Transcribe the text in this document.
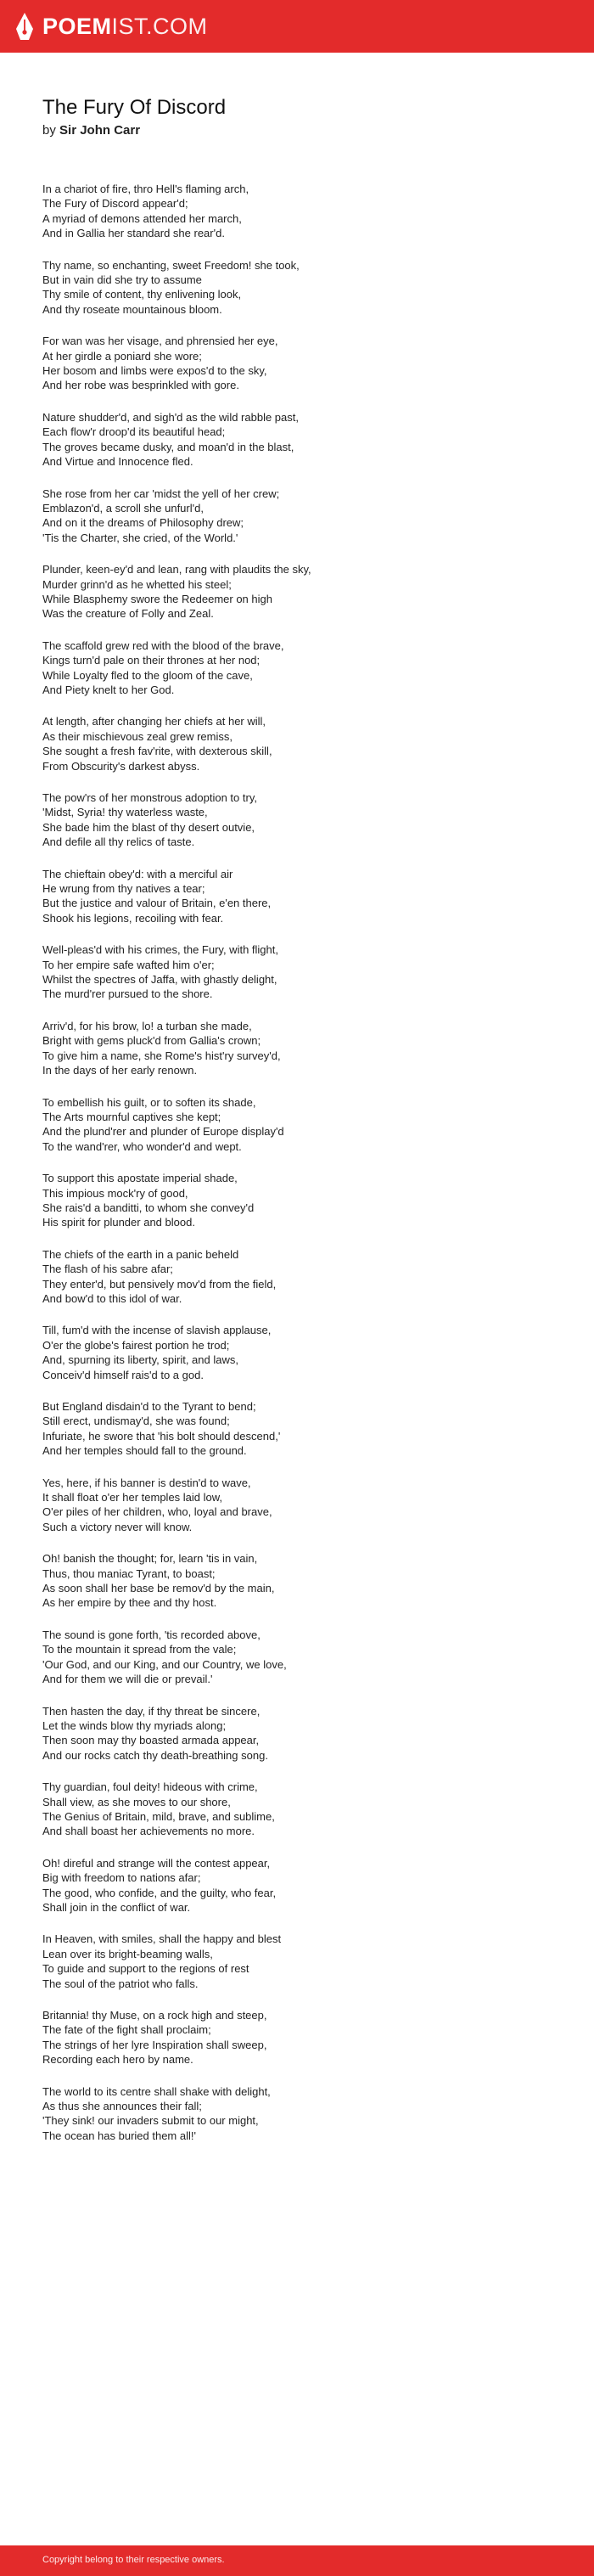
POEMIST.COM
The Fury Of Discord
by Sir John Carr

In a chariot of fire, thro Hell's flaming arch,
The Fury of Discord appear'd;
A myriad of demons attended her march,
And in Gallia her standard she rear'd.

Thy name, so enchanting, sweet Freedom! she took,
But in vain did she try to assume
Thy smile of content, thy enlivening look,
And thy roseate mountainous bloom.

For wan was her visage, and phrensied her eye,
At her girdle a poniard she wore;
Her bosom and limbs were expos'd to the sky,
And her robe was besprinkled with gore.

Nature shudder'd, and sigh'd as the wild rabble past,
Each flow'r droop'd its beautiful head;
The groves became dusky, and moan'd in the blast,
And Virtue and Innocence fled.

She rose from her car 'midst the yell of her crew;
Emblazon'd, a scroll she unfurl'd,
And on it the dreams of Philosophy drew;
'Tis the Charter, she cried, of the World.'

Plunder, keen-ey'd and lean, rang with plaudits the sky,
Murder grinn'd as he whetted his steel;
While Blasphemy swore the Redeemer on high
Was the creature of Folly and Zeal.

The scaffold grew red with the blood of the brave,
Kings turn'd pale on their thrones at her nod;
While Loyalty fled to the gloom of the cave,
And Piety knelt to her God.

At length, after changing her chiefs at her will,
As their mischievous zeal grew remiss,
She sought a fresh fav'rite, with dexterous skill,
From Obscurity's darkest abyss.

The pow'rs of her monstrous adoption to try,
'Midst, Syria! thy waterless waste,
She bade him the blast of thy desert outvie,
And defile all thy relics of taste.

The chieftain obey'd: with a merciful air
He wrung from thy natives a tear;
But the justice and valour of Britain, e'en there,
Shook his legions, recoiling with fear.

Well-pleas'd with his crimes, the Fury, with flight,
To her empire safe wafted him o'er;
Whilst the spectres of Jaffa, with ghastly delight,
The murd'rer pursued to the shore.

Arriv'd, for his brow, lo! a turban she made,
Bright with gems pluck'd from Gallia's crown;
To give him a name, she Rome's hist'ry survey'd,
In the days of her early renown.

To embellish his guilt, or to soften its shade,
The Arts mournful captives she kept;
And the plund'rer and plunder of Europe display'd
To the wand'rer, who wonder'd and wept.

To support this apostate imperial shade,
This impious mock'ry of good,
She rais'd a banditti, to whom she convey'd
His spirit for plunder and blood.

The chiefs of the earth in a panic beheld
The flash of his sabre afar;
They enter'd, but pensively mov'd from the field,
And bow'd to this idol of war.

Till, fum'd with the incense of slavish applause,
O'er the globe's fairest portion he trod;
And, spurning its liberty, spirit, and laws,
Conceiv'd himself rais'd to a god.

But England disdain'd to the Tyrant to bend;
Still erect, undismay'd, she was found;
Infuriate, he swore that 'his bolt should descend,'
And her temples should fall to the ground.

Yes, here, if his banner is destin'd to wave,
It shall float o'er her temples laid low,
O'er piles of her children, who, loyal and brave,
Such a victory never will know.

Oh! banish the thought; for, learn 'tis in vain,
Thus, thou maniac Tyrant, to boast;
As soon shall her base be remov'd by the main,
As her empire by thee and thy host.

The sound is gone forth, 'tis recorded above,
To the mountain it spread from the vale;
'Our God, and our King, and our Country, we love,
And for them we will die or prevail.'

Then hasten the day, if thy threat be sincere,
Let the winds blow thy myriads along;
Then soon may thy boasted armada appear,
And our rocks catch thy death-breathing song.

Thy guardian, foul deity! hideous with crime,
Shall view, as she moves to our shore,
The Genius of Britain, mild, brave, and sublime,
And shall boast her achievements no more.

Oh! direful and strange will the contest appear,
Big with freedom to nations afar;
The good, who confide, and the guilty, who fear,
Shall join in the conflict of war.

In Heaven, with smiles, shall the happy and blest
Lean over its bright-beaming walls,
To guide and support to the regions of rest
The soul of the patriot who falls.

Britannia! thy Muse, on a rock high and steep,
The fate of the fight shall proclaim;
The strings of her lyre Inspiration shall sweep,
Recording each hero by name.

The world to its centre shall shake with delight,
As thus she announces their fall;
'They sink! our invaders submit to our might,
The ocean has buried them all!'

Copyright belong to their respective owners.
